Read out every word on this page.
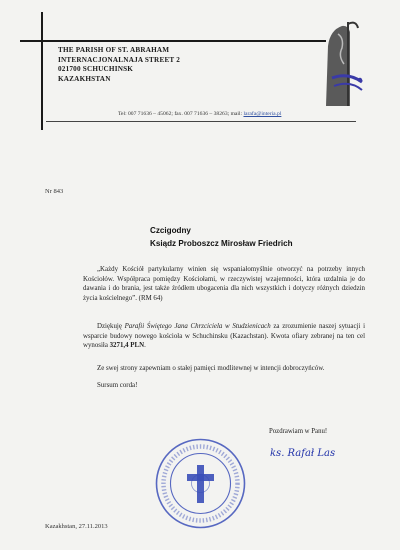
THE PARISH OF ST. ABRAHAM
INTERNACJONALNAJA STREET 2
021700 SCHUCHINSK
KAZAKHSTAN
Tel: 007 71636 – 45062; fax. 007 71636 – 38263; mail: larafa@interia.pl
Nr 843
Czcigodny
Ksiądz Proboszcz Mirosław Friedrich
„Każdy Kościół partykularny winien się wspaniałomyślnie otworzyć na potrzeby innych Kościołów. Współpraca pomiędzy Kościołami, w rzeczywistej wzajemności, która uzdalnia je do dawania i do brania, jest także źródłem ubogacenia dla nich wszystkich i dotyczy różnych dziedzin życia kościelnego”. (RM 64)
Dziękuję Parafii Świętego Jana Chrzciciela w Studzienicach za zrozumienie naszej sytuacji i wsparcie budowy nowego kościoła w Schuchinsku (Kazachstan). Kwota ofiary zebranej na ten cel wynosiła 3271,4 PLN.
Ze swej strony zapewniam o stałej pamięci modlitewnej w intencji dobroczyńców.
Sursum corda!
Pozdrawiam w Panu!
ks. Rafał Las
Kazakhstan, 27.11.2013
